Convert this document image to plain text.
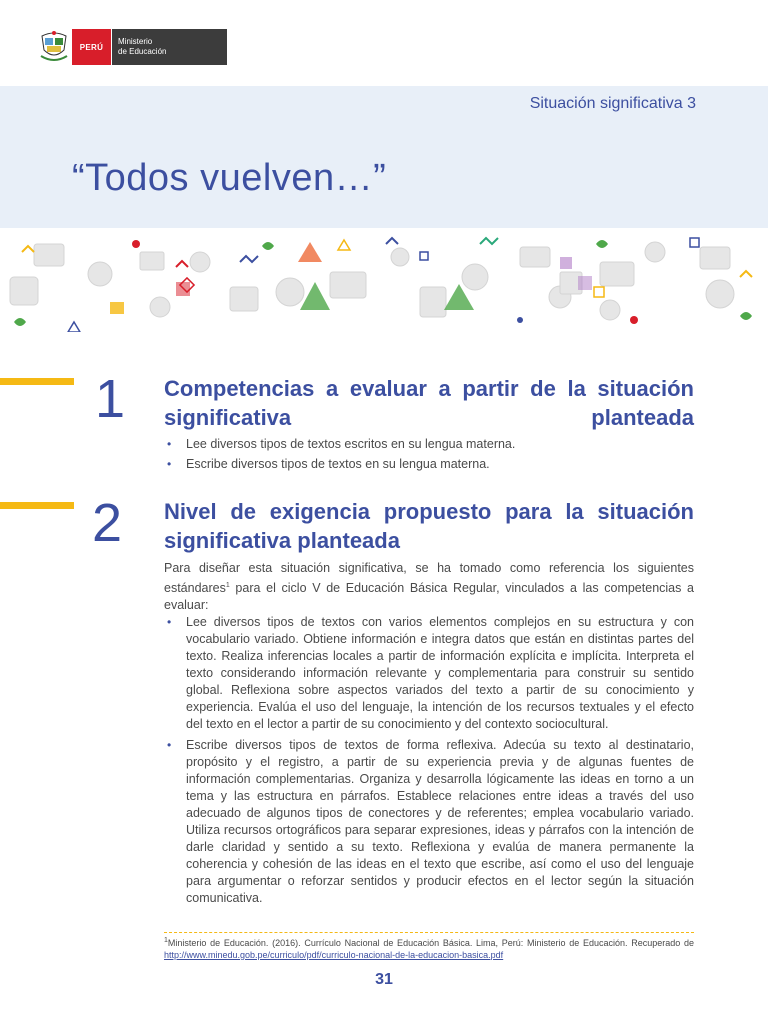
PERÚ
Ministerio
de Educación
Situación significativa 3
“Todos vuelven…”
1 Competencias a evaluar a partir de la situación significativa planteada
• Lee diversos tipos de textos escritos en su lengua materna.
• Escribe diversos tipos de textos en su lengua materna.
2 Nivel de exigencia propuesto para la situación significativa planteada

Para diseñar esta situación significativa, se ha tomado como referencia los siguientes estándares$^1$ para el ciclo V de Educación Básica Regular, vinculados a las competencias a evaluar:

• Lee diversos tipos de textos con varios elementos complejos en su estructura y con vocabulario variado. Obtiene información e integra datos que están en distintas partes del texto. Realiza inferencias locales a partir de información explícita e implícita. Interpreta el texto considerando información relevante y complementaria para construir su sentido global. Reflexiona sobre aspectos variados del texto a partir de su conocimiento y experiencia. Evalúa el uso del lenguaje, la intención de los recursos textuales y el efecto del texto en el lector a partir de su conocimiento y del contexto sociocultural.
• Escribe diversos tipos de textos de forma reflexiva. Adecúa su texto al destinatario, propósito y el registro, a partir de su experiencia previa y de algunas fuentes de información complementarias. Organiza y desarrolla lógicamente las ideas en torno a un tema y las estructura en párrafos. Establece relaciones entre ideas a través del uso adecuado de algunos tipos de conectores y de referentes; emplea vocabulario variado. Utiliza recursos ortográficos para separar expresiones, ideas y párrafos con la intención de darle claridad y sentido a su texto. Reflexiona y evalúa de manera permanente la coherencia y cohesión de las ideas en el texto que escribe, así como el uso del lenguaje para argumentar o reforzar sentidos y producir efectos en el lector según la situación comunicativa.
$^1$Ministerio de Educación. (2016). Currículo Nacional de Educación Básica. Lima, Perú: Ministerio de Educación. Recuperado de http://www.minedu.gob.pe/curriculo/pdf/curriculo-nacional-de-la-educacion-basica.pdf
31
